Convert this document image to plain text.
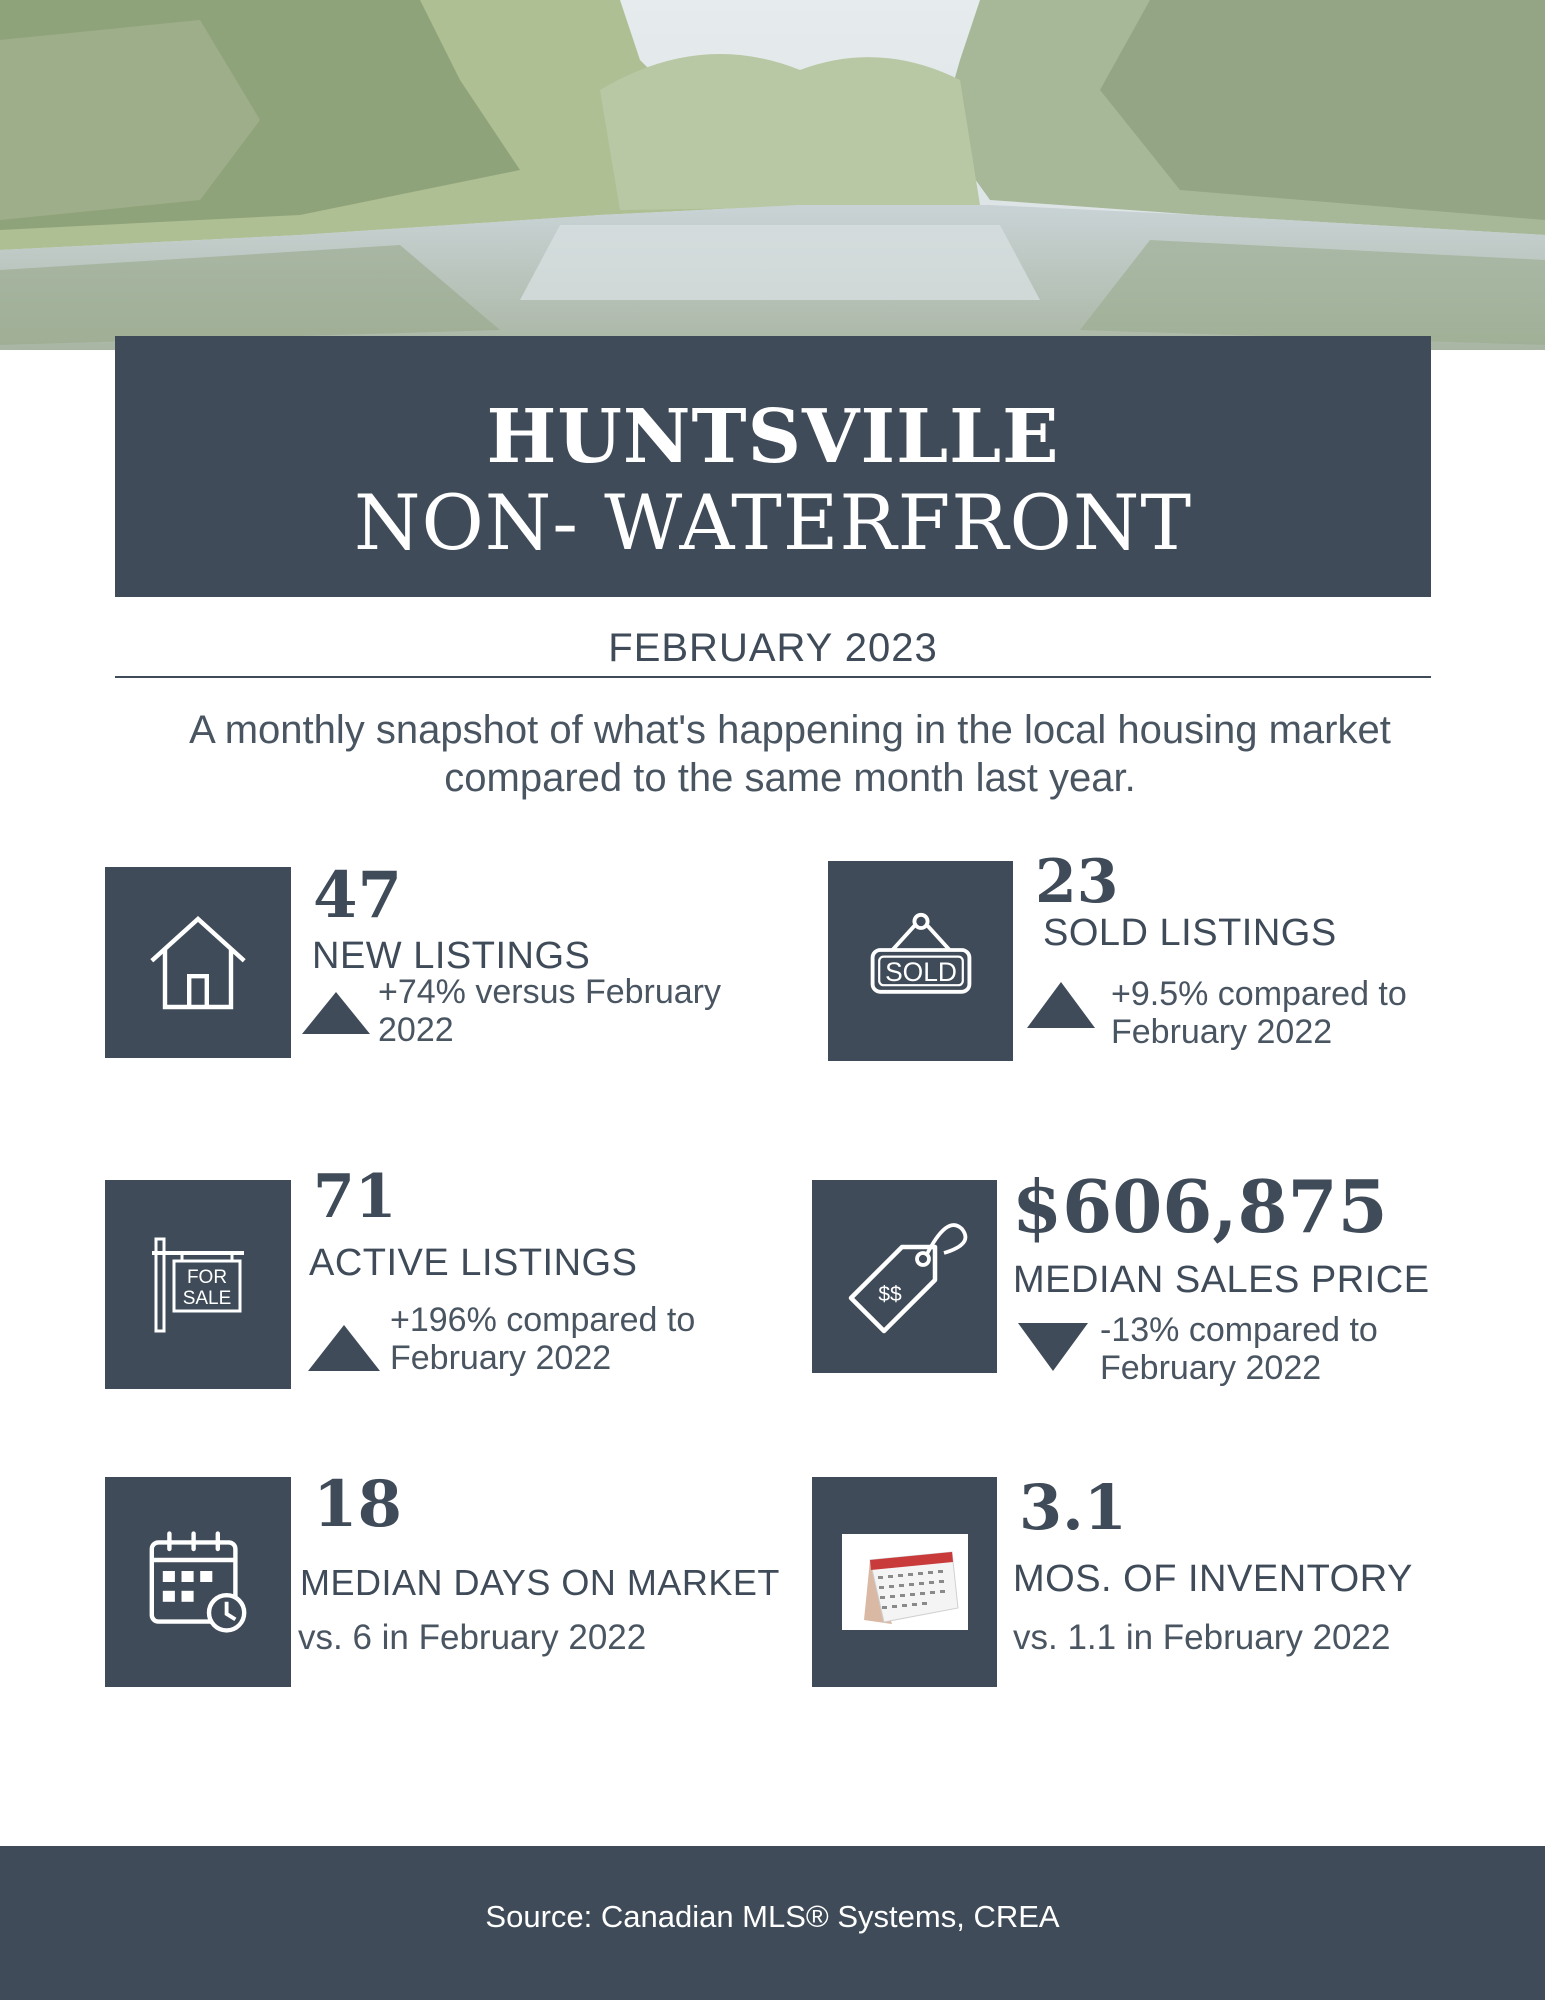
HUNTSVILLE
NON- WATERFRONT
FEBRUARY 2023
A monthly snapshot of what's happening in the local housing market compared to the same month last year.
47
NEW LISTINGS
+74% versus February 2022
SOLD
23
SOLD LISTINGS
+9.5% compared to February 2022
FOR
SALE
71
ACTIVE LISTINGS
+196% compared to February 2022
$$
$606,875
MEDIAN SALES PRICE
-13% compared to February 2022
18
MEDIAN DAYS ON MARKET
vs. 6 in February 2022
3.1
MOS. OF INVENTORY
vs. 1.1 in February 2022
Source: Canadian MLS® Systems, CREA
